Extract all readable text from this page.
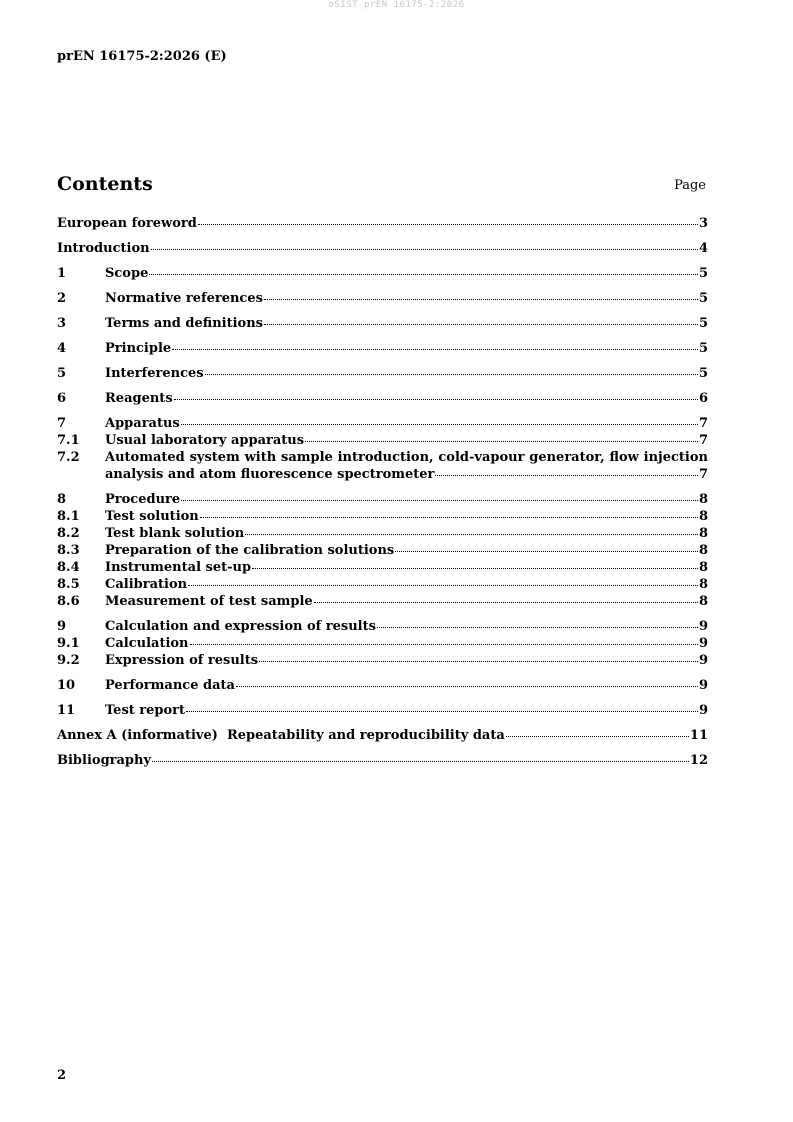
oSIST prEN 16175-2:2026
prEN 16175-2:2026 (E)
Contents	Page
European foreword	3
Introduction	4
1	Scope	5
2	Normative references	5
3	Terms and definitions	5
4	Principle	5
5	Interferences	5
6	Reagents	6
7	Apparatus	7
7.1	Usual laboratory apparatus	7
7.2	Automated system with sample introduction, cold-vapour generator, flow injection
analysis and atom fluorescence spectrometer	7
8	Procedure	8
8.1	Test solution	8
8.2	Test blank solution	8
8.3	Preparation of the calibration solutions	8
8.4	Instrumental set-up	8
8.5	Calibration	8
8.6	Measurement of test sample	8
9	Calculation and expression of results	9
9.1	Calculation	9
9.2	Expression of results	9
10	Performance data	9
11	Test report	9
Annex A (informative)  Repeatability and reproducibility data	11
Bibliography	12
2
